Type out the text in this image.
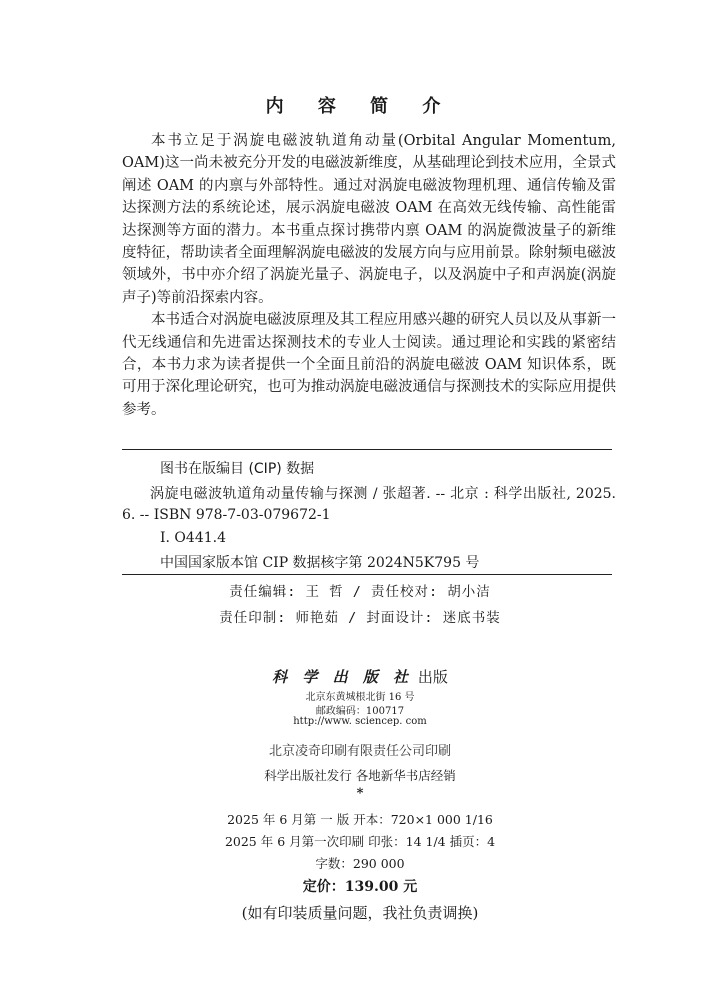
内 容 简 介

本书立足于涡旋电磁波轨道角动量(Orbital Angular Momentum, OAM)这一尚未被充分开发的电磁波新维度，从基础理论到技术应用，全景式阐述 OAM 的内禀与外部特性。通过对涡旋电磁波物理机理、通信传输及雷达探测方法的系统论述，展示涡旋电磁波 OAM 在高效无线传输、高性能雷达探测等方面的潜力。本书重点探讨携带内禀 OAM 的涡旋微波量子的新维度特征，帮助读者全面理解涡旋电磁波的发展方向与应用前景。除射频电磁波领域外，书中亦介绍了涡旋光量子、涡旋电子，以及涡旋中子和声涡旋(涡旋声子)等前沿探索内容。

本书适合对涡旋电磁波原理及其工程应用感兴趣的研究人员以及从事新一代无线通信和先进雷达探测技术的专业人士阅读。通过理论和实践的紧密结合，本书力求为读者提供一个全面且前沿的涡旋电磁波 OAM 知识体系，既可用于深化理论研究，也可为推动涡旋电磁波通信与探测技术的实际应用提供参考。

图书在版编目 (CIP) 数据
涡旋电磁波轨道角动量传输与探测 / 张超著. -- 北京 : 科学出版社, 2025. 6. -- ISBN 978-7-03-079672-1
Ⅰ. O441.4
中国国家版本馆 CIP 数据核字第 2024N5K795 号
责任编辑: 王 哲 / 责任校对: 胡小洁
责任印制: 师艳茹 / 封面设计: 迷底书装
科 学 出 版 社 出版
北京东黄城根北街 16 号
邮政编码：100717
http://www. sciencep. com
北京凌奇印刷有限责任公司印刷
科学出版社发行 各地新华书店经销
*
2025 年 6 月第 一 版 开本：720×1 000 1/16
2025 年 6 月第一次印刷 印张：14 1/4 插页：4
字数：290 000
定价：139.00 元
(如有印装质量问题，我社负责调换)
